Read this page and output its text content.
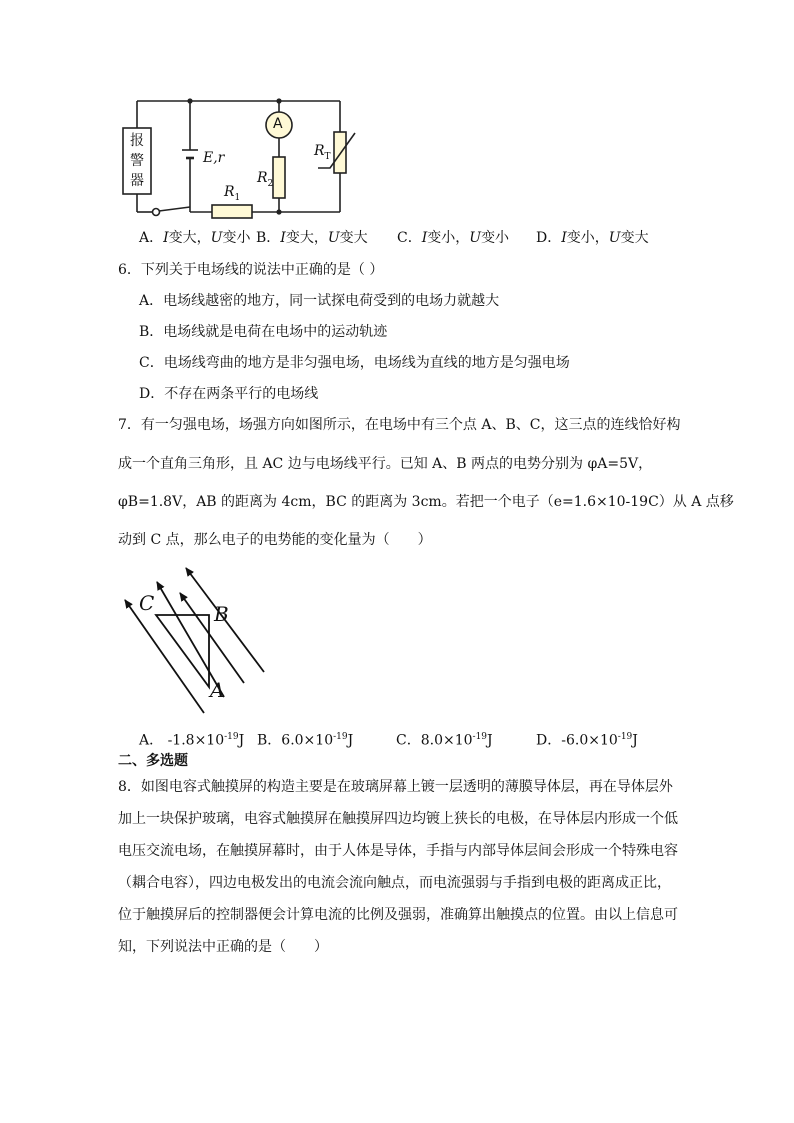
报
警
器
E,r
A
$R_2$
$R_1$
$R_T$
A．I变大，U变小 B．I变大，U变大 C．I变小，U变小 D．I变小，U变大
6．下列关于电场线的说法中正确的是（ ）
A．电场线越密的地方，同一试探电荷受到的电场力就越大
B．电场线就是电荷在电场中的运动轨迹
C．电场线弯曲的地方是非匀强电场，电场线为直线的地方是匀强电场
D．不存在两条平行的电场线
7．有一匀强电场，场强方向如图所示，在电场中有三个点 A、B、C，这三点的连线恰好构
成一个直角三角形，且 AC 边与电场线平行。已知 A、B 两点的电势分别为 φA=5V，
φB=1.8V，AB 的距离为 4cm，BC 的距离为 3cm。若把一个电子（e=1.6×10-19C）从 A 点移
动到 C 点，那么电子的电势能的变化量为（　　）
C	B
A
A． $-1.8\times 10^{-19}J$ B．$6.0\times 10^{-19}J$	C．$8.0\times 10^{-19}J$	D．$-6.0\times 10^{-19}J$
二、多选题
8．如图电容式触摸屏的构造主要是在玻璃屏幕上镀一层透明的薄膜导体层，再在导体层外
加上一块保护玻璃，电容式触摸屏在触摸屏四边均镀上狭长的电极，在导体层内形成一个低
电压交流电场，在触摸屏幕时，由于人体是导体，手指与内部导体层间会形成一个特殊电容
（耦合电容），四边电极发出的电流会流向触点，而电流强弱与手指到电极的距离成正比，
位于触摸屏后的控制器便会计算电流的比例及强弱，准确算出触摸点的位置。由以上信息可
知，下列说法中正确的是（　　）
